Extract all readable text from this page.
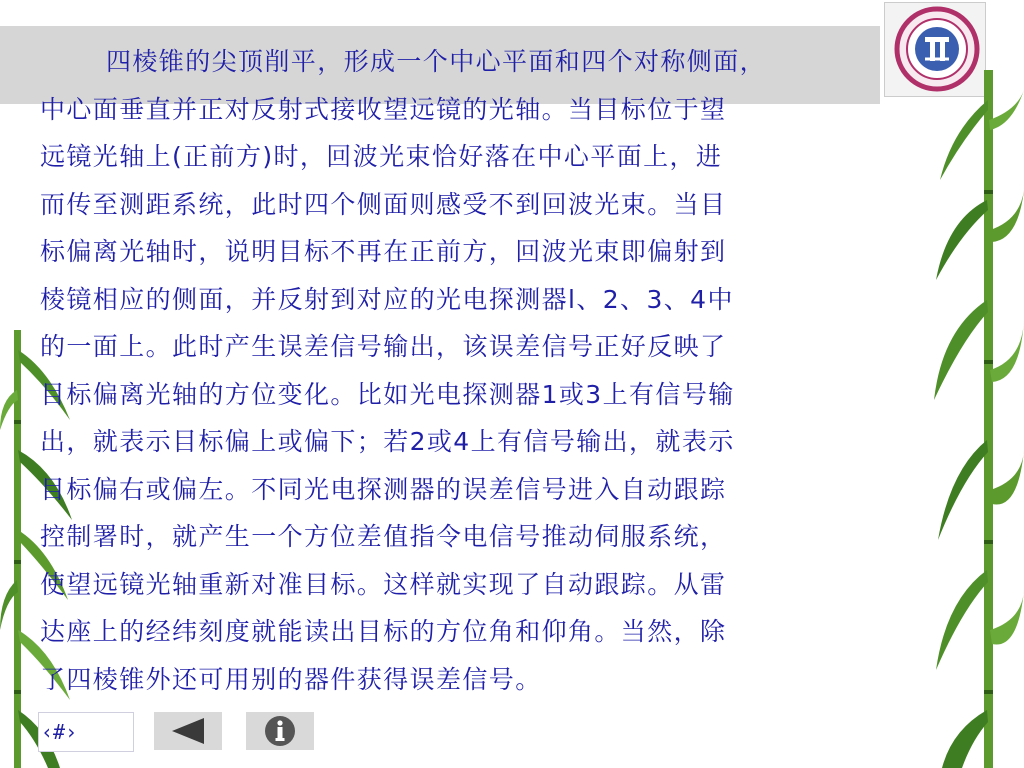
四棱锥的尖顶削平，形成一个中心平面和四个对称侧面，
中心面垂直并正对反射式接收望远镜的光轴。当目标位于望
远镜光轴上(正前方)时，回波光束恰好落在中心平面上，进
而传至测距系统，此时四个侧面则感受不到回波光束。当目
标偏离光轴时，说明目标不再在正前方，回波光束即偏射到
棱镜相应的侧面，并反射到对应的光电探测器l、2、3、4中
的一面上。此时产生误差信号输出，该误差信号正好反映了
目标偏离光轴的方位变化。比如光电探测器1或3上有信号输
出，就表示目标偏上或偏下；若2或4上有信号输出，就表示
目标偏右或偏左。不同光电探测器的误差信号进入自动跟踪
控制署时，就产生一个方位差值指令电信号推动伺服系统，
使望远镜光轴重新对准目标。这样就实现了自动跟踪。从雷
达座上的经纬刻度就能读出目标的方位角和仰角。当然，除
了四棱锥外还可用别的器件获得误差信号。
‹#›
